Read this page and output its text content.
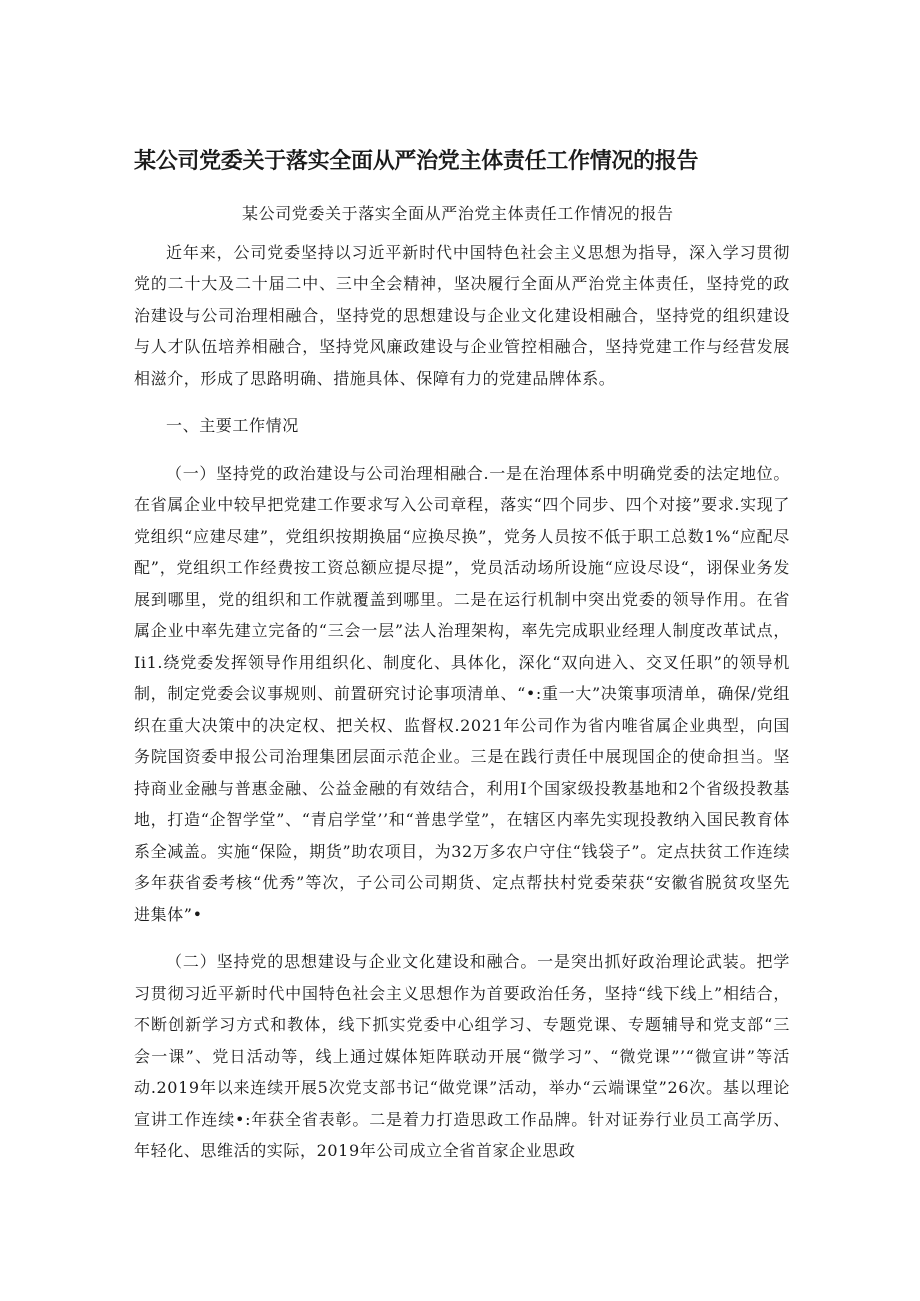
某公司党委关于落实全面从严治党主体责任工作情况的报告

某公司党委关于落实全面从严治党主体责任工作情况的报告

近年来，公司党委坚持以习近平新时代中国特色社会主义思想为指导，深入学习贯彻党的二十大及二十届二中、三中全会精神，坚决履行全面从严治党主体责任，坚持党的政治建设与公司治理相融合，坚持党的思想建设与企业文化建设相融合，坚持党的组织建设与人才队伍培养相融合，坚持党风廉政建设与企业管控相融合，坚持党建工作与经营发展相滋介，形成了思路明确、措施具体、保障有力的党建品牌体系。

一、主要工作情况

（一）坚持党的政治建设与公司治理相融合.一是在治理体系中明确党委的法定地位。在省属企业中较早把党建工作要求写入公司章程，落实“四个同步、四个对接”要求.实现了党组织“应建尽建”，党组织按期换届“应换尽换”，党务人员按不低于职工总数1%“应配尽配”，党组织工作经费按工资总额应提尽提”，党员活动场所设施“应设尽设“，诩保业务发展到哪里，党的组织和工作就覆盖到哪里。二是在运行机制中突出党委的领导作用。在省属企业中率先建立完备的“三会一层”法人治理架构，率先完成职业经理人制度改革试点，Ii1.绕党委发挥领导作用组织化、制度化、具体化，深化“双向进入、交叉任职”的领导机制，制定党委会议事规则、前置研究讨论事项清单、“•:重一大”决策事项清单，确保/党组织在重大决策中的决定权、把关权、监督权.2021年公司作为省内唯省属企业典型，向国务院国资委申报公司治理集团层面示范企业。三是在践行责任中展现国企的使命担当。坚持商业金融与普惠金融、公益金融的有效结合，利用I个国家级投教基地和2个省级投教基地，打造“企智学堂”、“青启学堂’’和“普患学堂”，在辖区内率先实现投教纳入国民教育体系全减盖。实施“保险，期货”助农项目，为32万多农户守住“钱袋子”。定点扶贫工作连续多年获省委考核“优秀”等次，子公司公司期货、定点帮扶村党委荣获“安徽省脱贫攻坚先进集体”•

（二）坚持党的思想建设与企业文化建设和融合。一是突出抓好政治理论武装。把学习贯彻习近平新时代中国特色社会主义思想作为首要政治任务，坚持“线下线上”相结合，不断创新学习方式和教体，线下抓实党委中心组学习、专题党课、专题辅导和党支部“三会一课”、党日活动等，线上通过媒体矩阵联动开展“微学习”、“微党课”’“微宣讲”等活动.2019年以来连续开展5次党支部书记“做党课”活动，举办“云端课堂”26次。基以理论宣讲工作连续•:年获全省表彰。二是着力打造思政工作品牌。针对证券行业员工高学历、年轻化、思维活的实际，2019年公司成立全省首家企业思政
